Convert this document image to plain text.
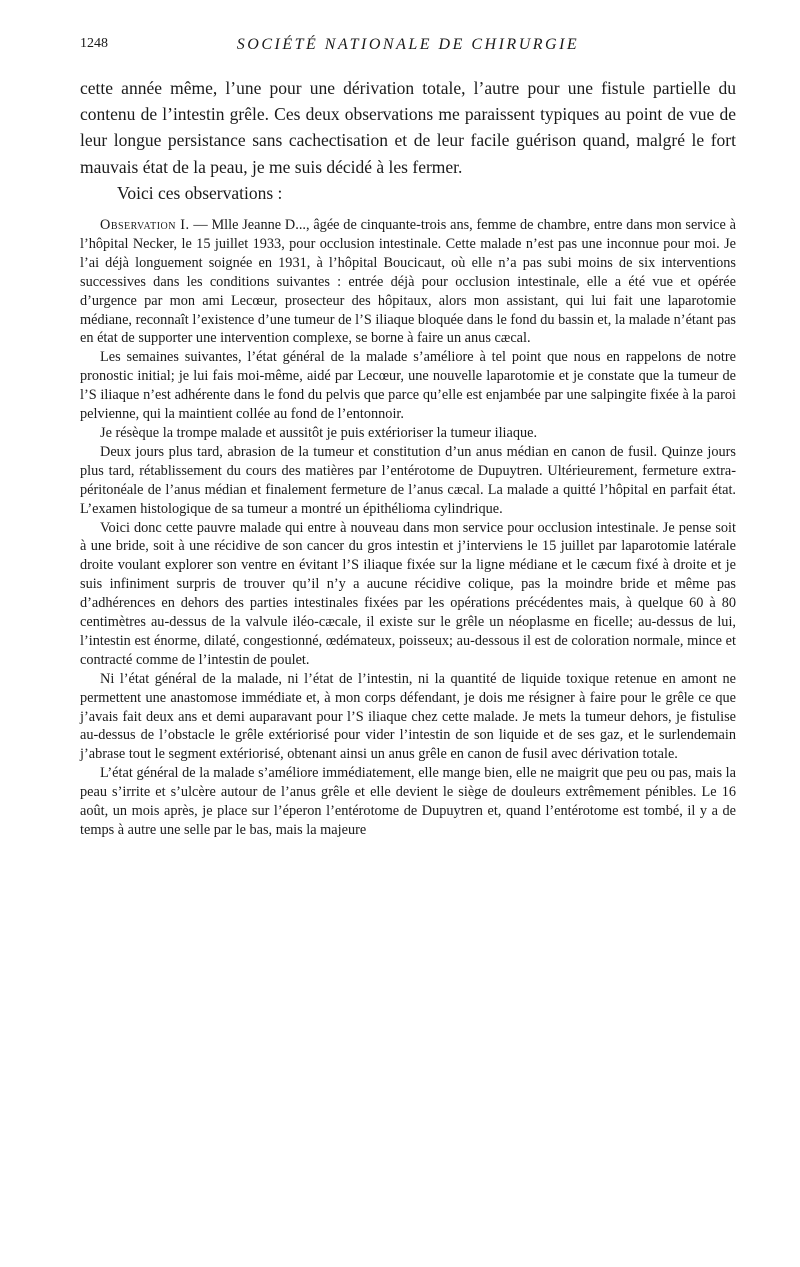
1248	SOCIÉTÉ NATIONALE DE CHIRURGIE

cette année même, l’une pour une dérivation totale, l’autre pour une fistule partielle du contenu de l’intestin grêle. Ces deux observations me paraissent typiques au point de vue de leur longue persistance sans cachectisation et de leur facile guérison quand, malgré le fort mauvais état de la peau, je me suis décidé à les fermer.

Voici ces observations :

Observation I. — Mlle Jeanne D..., âgée de cinquante-trois ans, femme de chambre, entre dans mon service à l’hôpital Necker, le 15 juillet 1933, pour occlusion intestinale. Cette malade n’est pas une inconnue pour moi. Je l’ai déjà longuement soignée en 1931, à l’hôpital Boucicaut, où elle n’a pas subi moins de six interventions successives dans les conditions suivantes : entrée déjà pour occlusion intestinale, elle a été vue et opérée d’urgence par mon ami Lecœur, prosecteur des hôpitaux, alors mon assistant, qui lui fait une laparotomie médiane, reconnaît l’existence d’une tumeur de l’S iliaque bloquée dans le fond du bassin et, la malade n’étant pas en état de supporter une intervention complexe, se borne à faire un anus cæcal.

Les semaines suivantes, l’état général de la malade s’améliore à tel point que nous en rappelons de notre pronostic initial; je lui fais moi-même, aidé par Lecœur, une nouvelle laparotomie et je constate que la tumeur de l’S iliaque n’est adhérente dans le fond du pelvis que parce qu’elle est enjambée par une salpingite fixée à la paroi pelvienne, qui la maintient collée au fond de l’entonnoir.

Je résèque la trompe malade et aussitôt je puis extérioriser la tumeur iliaque.

Deux jours plus tard, abrasion de la tumeur et constitution d’un anus médian en canon de fusil. Quinze jours plus tard, rétablissement du cours des matières par l’entérotome de Dupuytren. Ultérieurement, fermeture extra-péritonéale de l’anus médian et finalement fermeture de l’anus cæcal. La malade a quitté l’hôpital en parfait état. L’examen histologique de sa tumeur a montré un épithélioma cylindrique.

Voici donc cette pauvre malade qui entre à nouveau dans mon service pour occlusion intestinale. Je pense soit à une bride, soit à une récidive de son cancer du gros intestin et j’interviens le 15 juillet par laparotomie latérale droite voulant explorer son ventre en évitant l’S iliaque fixée sur la ligne médiane et le cæcum fixé à droite et je suis infiniment surpris de trouver qu’il n’y a aucune récidive colique, pas la moindre bride et même pas d’adhérences en dehors des parties intestinales fixées par les opérations précédentes mais, à quelque 60 à 80 centimètres au-dessus de la valvule iléo-cæcale, il existe sur le grêle un néoplasme en ficelle; au-dessus de lui, l’intestin est énorme, dilaté, congestionné, œdémateux, poisseux; au-dessous il est de coloration normale, mince et contracté comme de l’intestin de poulet.

Ni l’état général de la malade, ni l’état de l’intestin, ni la quantité de liquide toxique retenue en amont ne permettent une anastomose immédiate et, à mon corps défendant, je dois me résigner à faire pour le grêle ce que j’avais fait deux ans et demi auparavant pour l’S iliaque chez cette malade. Je mets la tumeur dehors, je fistulise au-dessus de l’obstacle le grêle extériorisé pour vider l’intestin de son liquide et de ses gaz, et le surlendemain j’abrase tout le segment extériorisé, obtenant ainsi un anus grêle en canon de fusil avec dérivation totale.

L’état général de la malade s’améliore immédiatement, elle mange bien, elle ne maigrit que peu ou pas, mais la peau s’irrite et s’ulcère autour de l’anus grêle et elle devient le siège de douleurs extrêmement pénibles. Le 16 août, un mois après, je place sur l’éperon l’entérotome de Dupuytren et, quand l’entérotome est tombé, il y a de temps à autre une selle par le bas, mais la majeure
